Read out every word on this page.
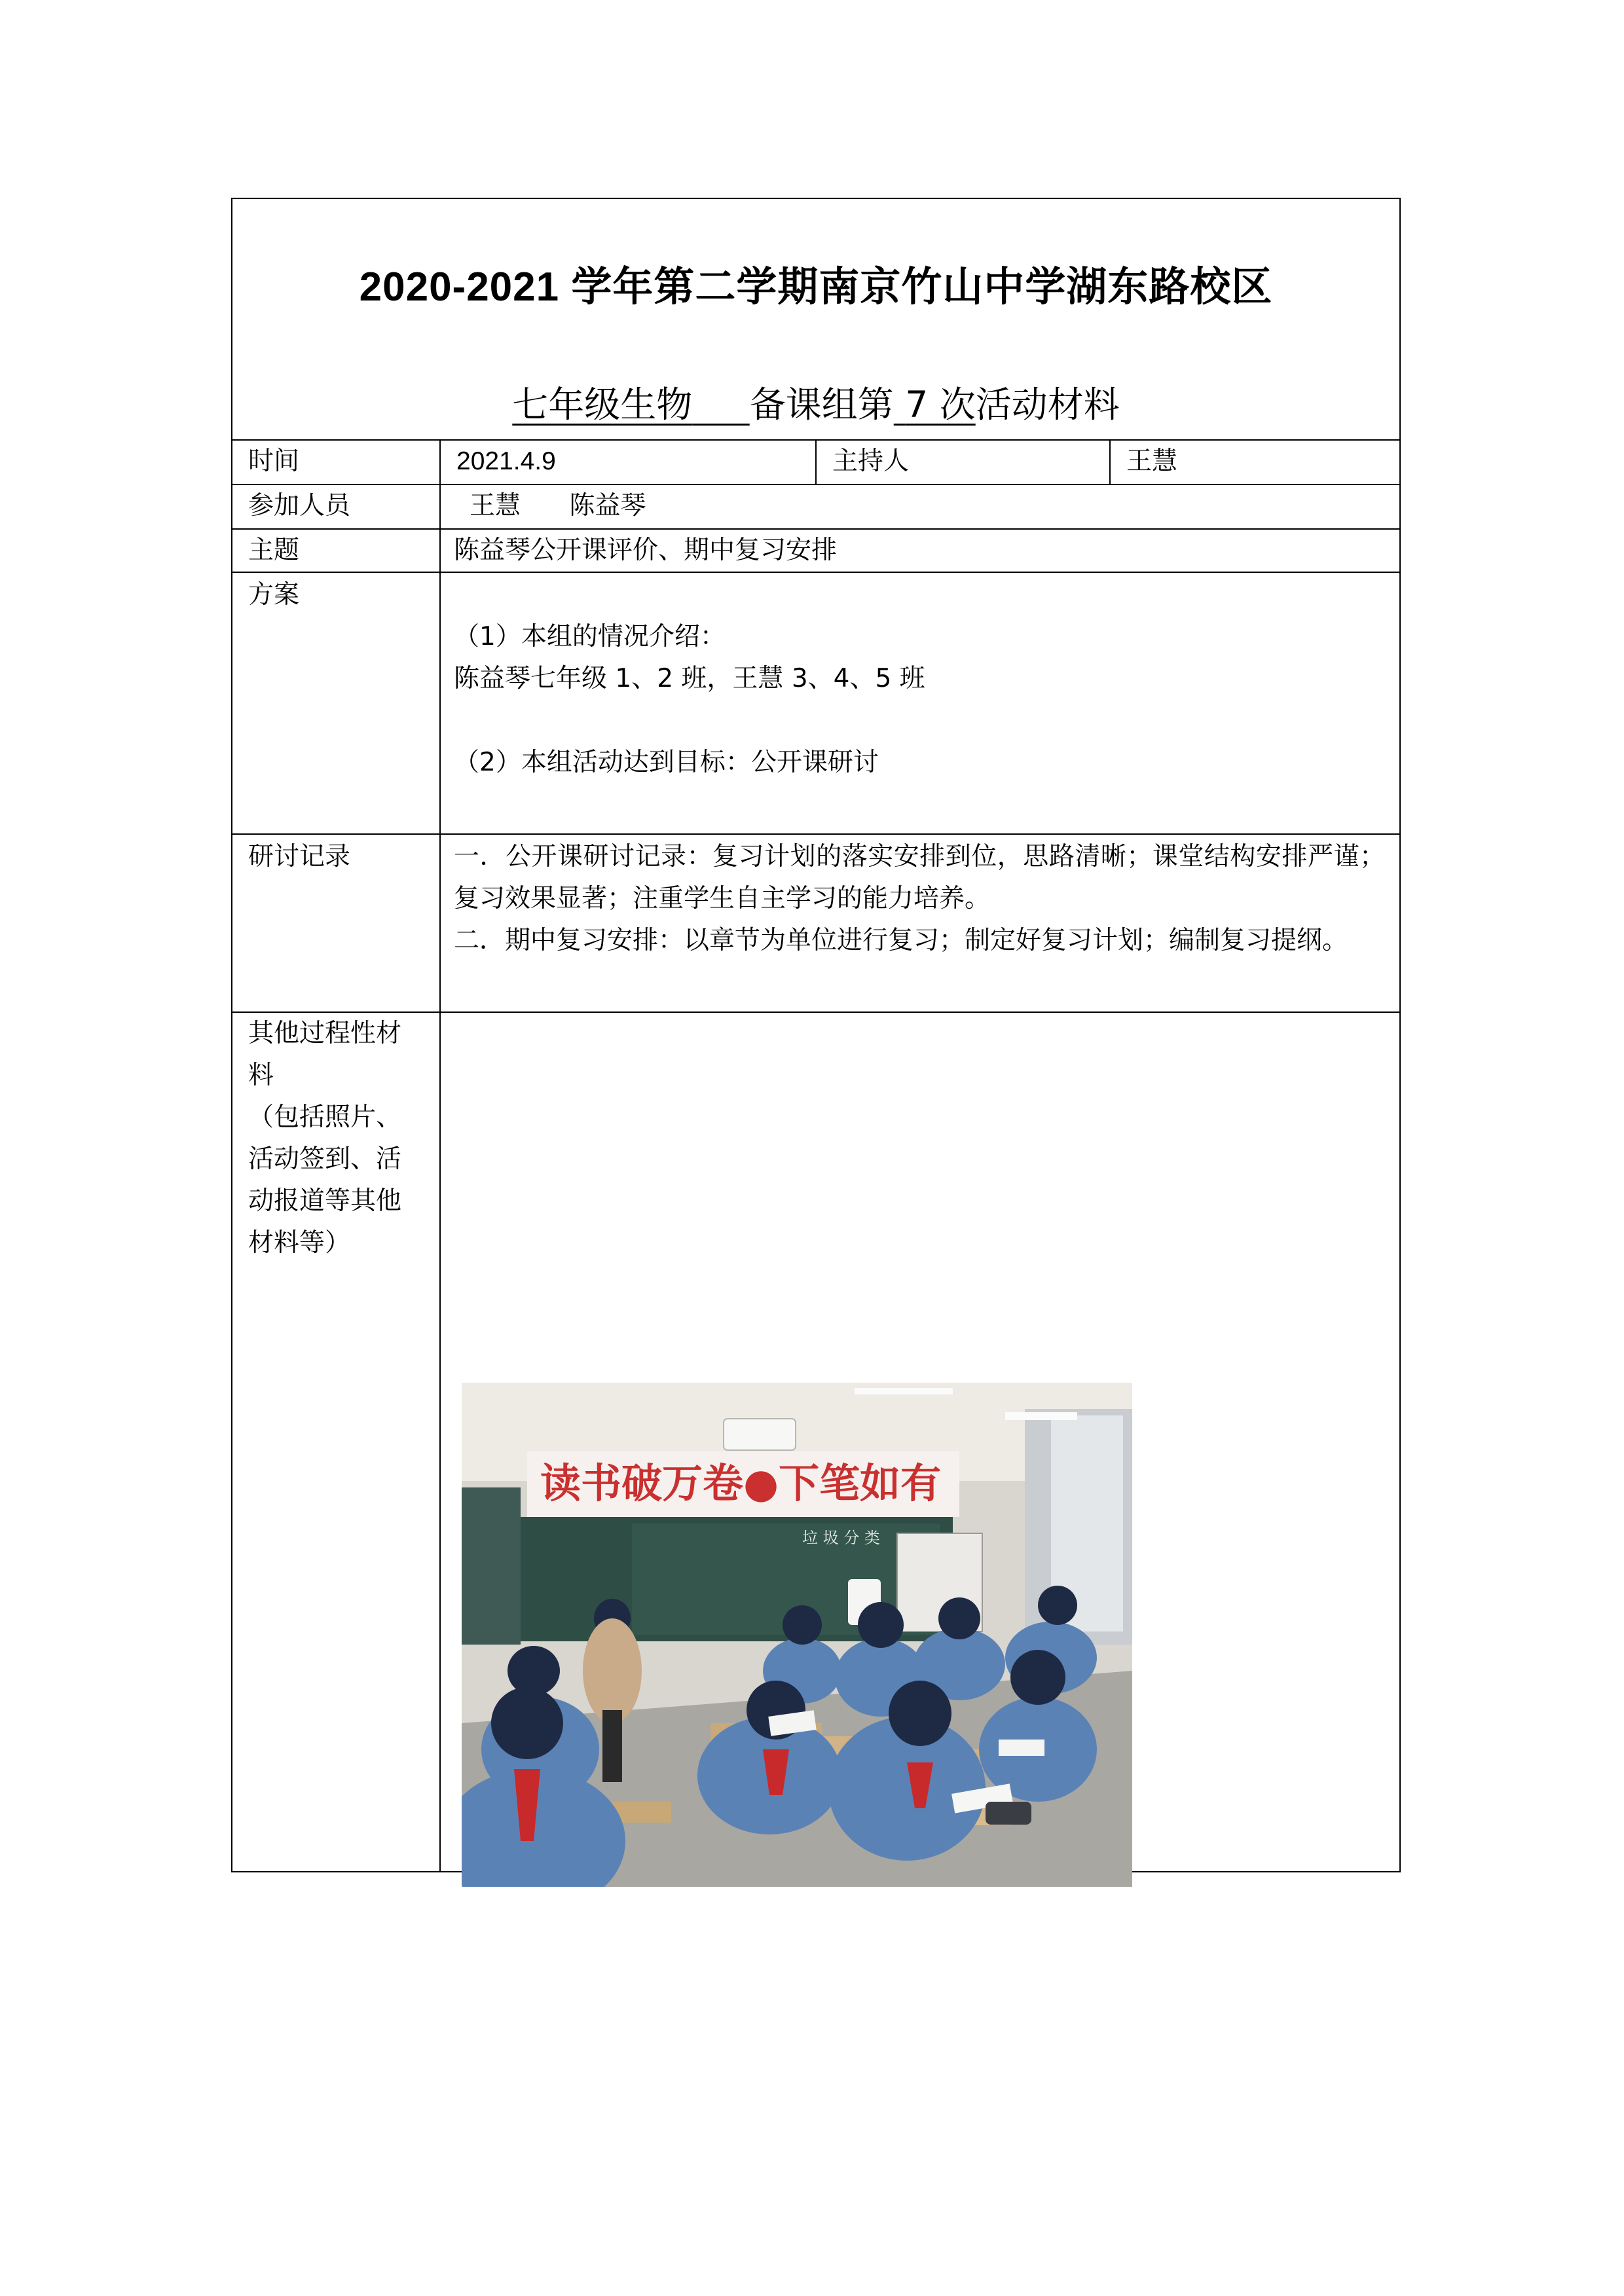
2020-2021 学年第二学期南京竹山中学湖东路校区
七年级生物 备课组第 7 次活动材料
时间	2021.4.9	主持人	王慧
参加人员	王慧      陈益琴
主题	陈益琴公开课评价、期中复习安排
方案
（1）本组的情况介绍：
陈益琴七年级 1、2 班，王慧 3、4、5 班
（2）本组活动达到目标：公开课研讨
研讨记录	一．公开课研讨记录：复习计划的落实安排到位，思路清晰；课堂结构安排严谨；复习效果显著；注重学生自主学习的能力培养。
二．期中复习安排：以章节为单位进行复习；制定好复习计划；编制复习提纲。
其他过程性材
料
（包括照片、
活动签到、活
动报道等其他
材料等）
读书破万卷●下笔如有
垃 圾 分 类
